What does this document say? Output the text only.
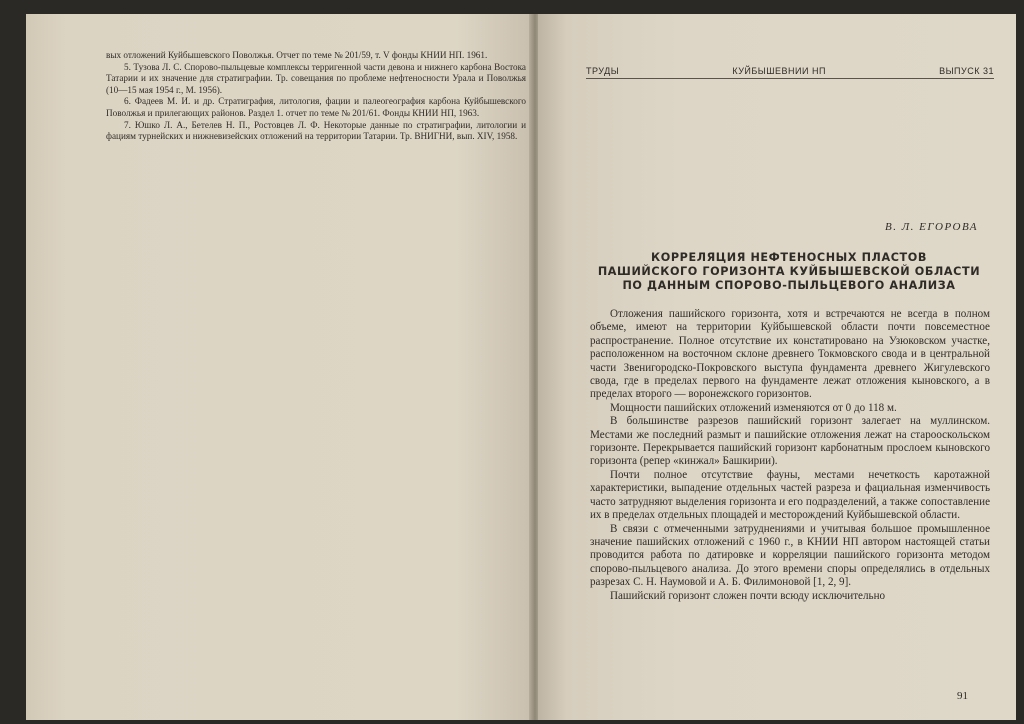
вых отложений Куйбышевского Поволжья. Отчет по теме № 201/59, т. V фонды КНИИ НП. 1961.

5. Тузова Л. С. Спорово-пыльцевые комплексы терригенной части девона и нижнего карбона Востока Татарии и их значение для стратиграфии. Тр. совещания по проблеме нефтеносности Урала и Поволжья (10—15 мая 1954 г., М. 1956).

6. Фадеев М. И. и др. Стратиграфия, литология, фации и палеогеография карбона Куйбышевского Поволжья и прилегающих районов. Раздел 1. отчет по теме № 201/61. Фонды КНИИ НП, 1963.

7. Юшко Л. А., Бетелев Н. П., Ростовцев Л. Ф. Некоторые данные по стратиграфии, литологии и фациям турнейских и нижневизейских отложений на территории Татарии. Тр. ВНИГНИ, вып. XIV, 1958.

ТРУДЫ	КУЙБЫШЕВНИИ НП	ВЫПУСК 31
В. Л. ЕГОРОВА
КОРРЕЛЯЦИЯ НЕФТЕНОСНЫХ ПЛАСТОВ
ПАШИЙСКОГО ГОРИЗОНТА КУЙБЫШЕВСКОЙ ОБЛАСТИ
ПО ДАННЫМ СПОРОВО-ПЫЛЬЦЕВОГО АНАЛИЗА

Отложения пашийского горизонта, хотя и встречаются не всегда в полном объеме, имеют на территории Куйбышевской области почти повсеместное распространение. Полное отсутствие их констатировано на Узюковском участке, расположенном на восточном склоне древнего Токмовского свода и в центральной части Звенигородско-Покровского выступа фундамента древнего Жигулевского свода, где в пределах первого на фундаменте лежат отложения кыновского, а в пределах второго — воронежского горизонтов.

Мощности пашийских отложений изменяются от 0 до 118 м.

В большинстве разрезов пашийский горизонт залегает на муллинском. Местами же последний размыт и пашийские отложения лежат на старооскольском горизонте. Перекрывается пашийский горизонт карбонатным прослоем кыновского горизонта (репер «кинжал» Башкирии).

Почти полное отсутствие фауны, местами нечеткость каротажной характеристики, выпадение отдельных частей разреза и фациальная изменчивость часто затрудняют выделения горизонта и его подразделений, а также сопоставление их в пределах отдельных площадей и месторождений Куйбышевской области.

В связи с отмеченными затруднениями и учитывая большое промышленное значение пашийских отложений с 1960 г., в КНИИ НП автором настоящей статьи проводится работа по датировке и корреляции пашийского горизонта методом спорово-пыльцевого анализа. До этого времени споры определялись в отдельных разрезах С. Н. Наумовой и А. Б. Филимоновой [1, 2, 9].

Пашийский горизонт сложен почти всюду исключительно

91
